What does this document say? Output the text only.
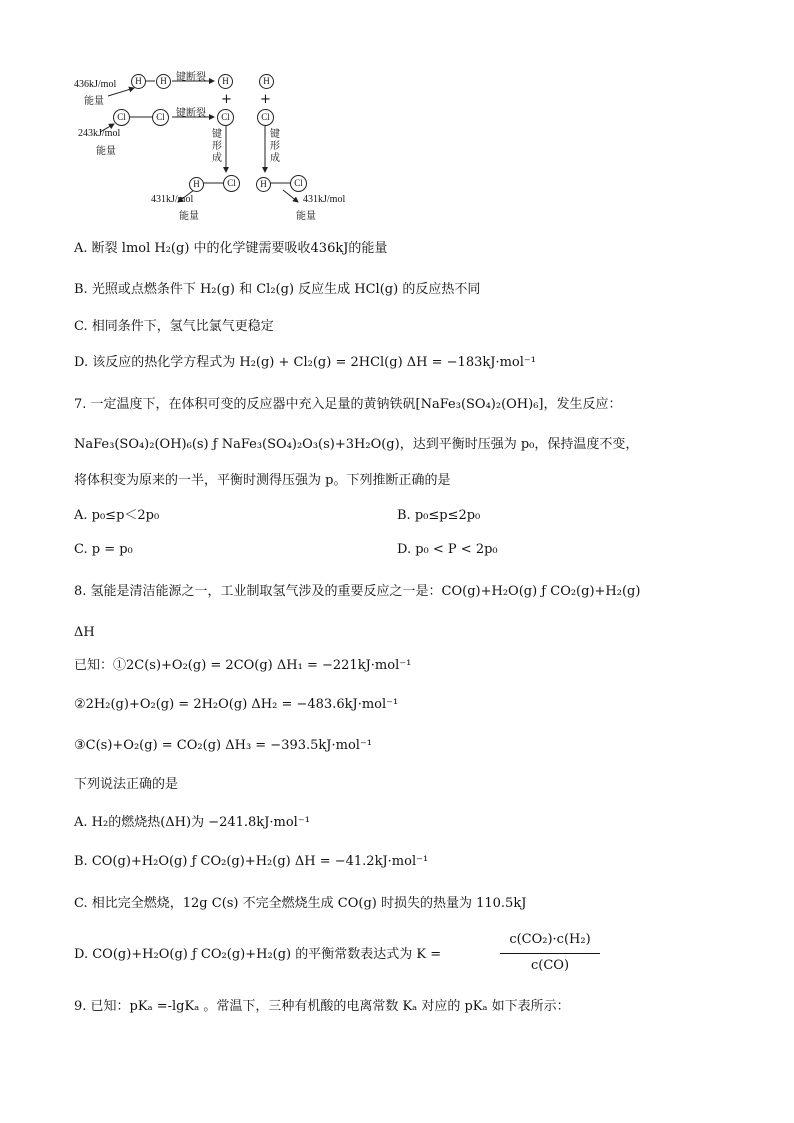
436kJ/mol
能量
H	H 键断裂	H	H
+ +
Cl	Cl	键断裂	Cl	Cl
243kJ/mol
能量
键形成
键形成
H	Cl	H	Cl
431kJ/mol
能量
431kJ/mol
能量
A. 断裂 lmol H₂(g) 中的化学键需要吸收436kJ的能量
B. 光照或点燃条件下 H₂(g) 和 Cl₂(g) 反应生成 HCl(g) 的反应热不同
C. 相同条件下，氢气比氯气更稳定
D. 该反应的热化学方程式为 H₂(g) + Cl₂(g) = 2HCl(g) ΔH = −183kJ·mol⁻¹
7. 一定温度下，在体积可变的反应器中充入足量的黄钠铁矾[NaFe₃(SO₄)₂(OH)₆]，发生反应：
NaFe₃(SO₄)₂(OH)₆(s) ƒ NaFe₃(SO₄)₂O₃(s)+3H₂O(g)，达到平衡时压强为 p₀，保持温度不变，
将体积变为原来的一半，平衡时测得压强为 p。下列推断正确的是
A. p₀≤p＜2p₀	B. p₀≤p≤2p₀
C. p = p₀	D. p₀ < P < 2p₀
8. 氢能是清洁能源之一，工业制取氢气涉及的重要反应之一是：CO(g)+H₂O(g) ƒ CO₂(g)+H₂(g)
ΔH
已知：①2C(s)+O₂(g) = 2CO(g) ΔH₁ = −221kJ·mol⁻¹
②2H₂(g)+O₂(g) = 2H₂O(g) ΔH₂ = −483.6kJ·mol⁻¹
③C(s)+O₂(g) = CO₂(g) ΔH₃ = −393.5kJ·mol⁻¹
下列说法正确的是
A. H₂的燃烧热(ΔH)为 −241.8kJ·mol⁻¹
B. CO(g)+H₂O(g) ƒ CO₂(g)+H₂(g) ΔH = −41.2kJ·mol⁻¹
C. 相比完全燃烧，12g C(s) 不完全燃烧生成 CO(g) 时损失的热量为 110.5kJ
D. CO(g)+H₂O(g) ƒ CO₂(g)+H₂(g) 的平衡常数表达式为 K =
c(CO₂)·c(H₂)
c(CO)
9. 已知：pKₐ =-lgKₐ 。常温下，三种有机酸的电离常数 Kₐ 对应的 pKₐ 如下表所示：
